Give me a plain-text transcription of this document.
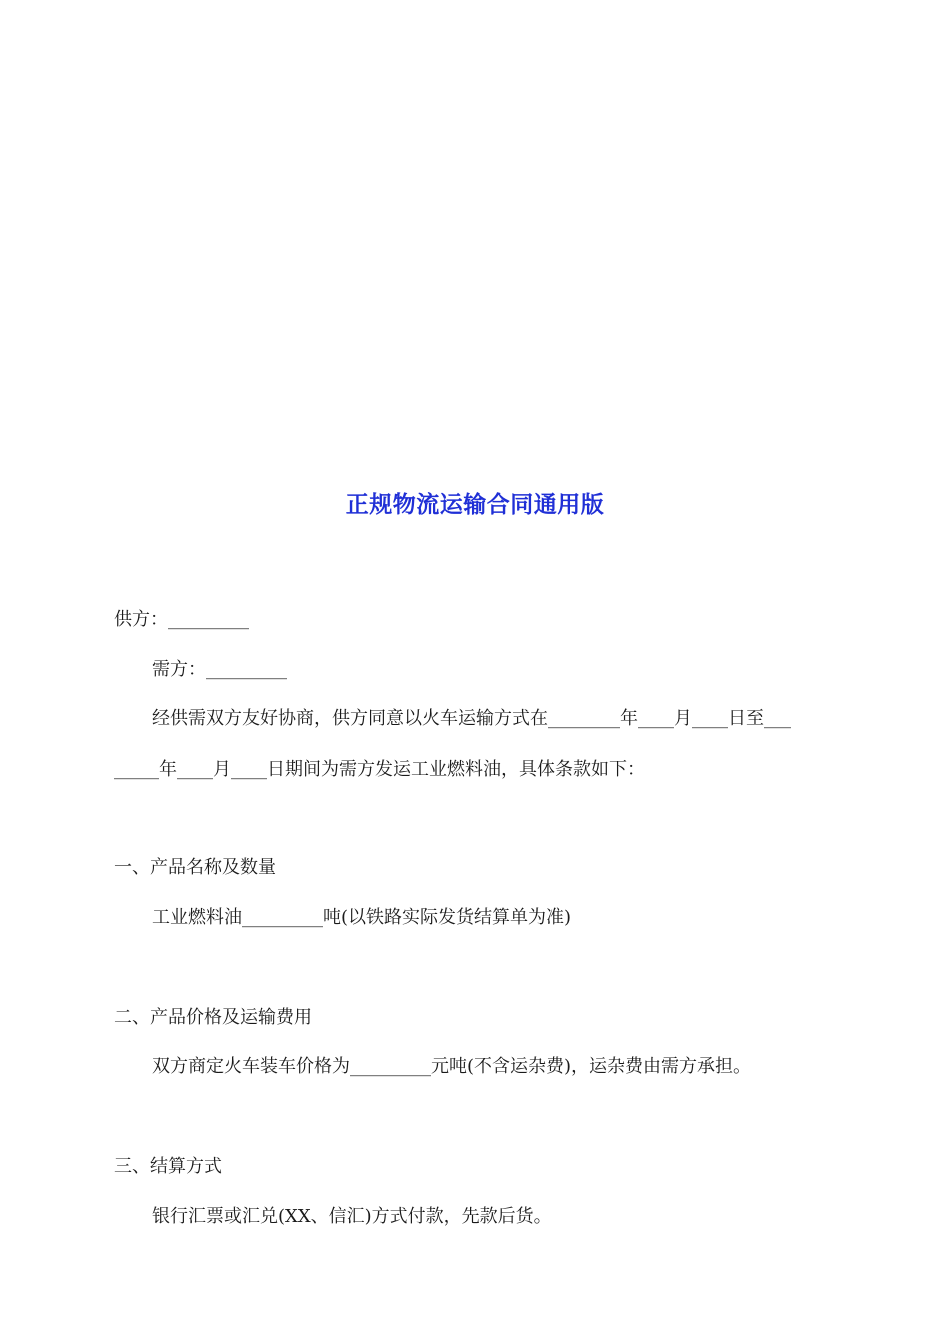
正规物流运输合同通用版
供方：_________
需方：_________
经供需双方友好协商，供方同意以火车运输方式在________年____月____日至___
_____年____月____日期间为需方发运工业燃料油，具体条款如下：
一、产品名称及数量
工业燃料油_________吨(以铁路实际发货结算单为准)
二、产品价格及运输费用
双方商定火车装车价格为_________元吨(不含运杂费)，运杂费由需方承担。
三、结算方式
银行汇票或汇兑(XX、信汇)方式付款，先款后货。
